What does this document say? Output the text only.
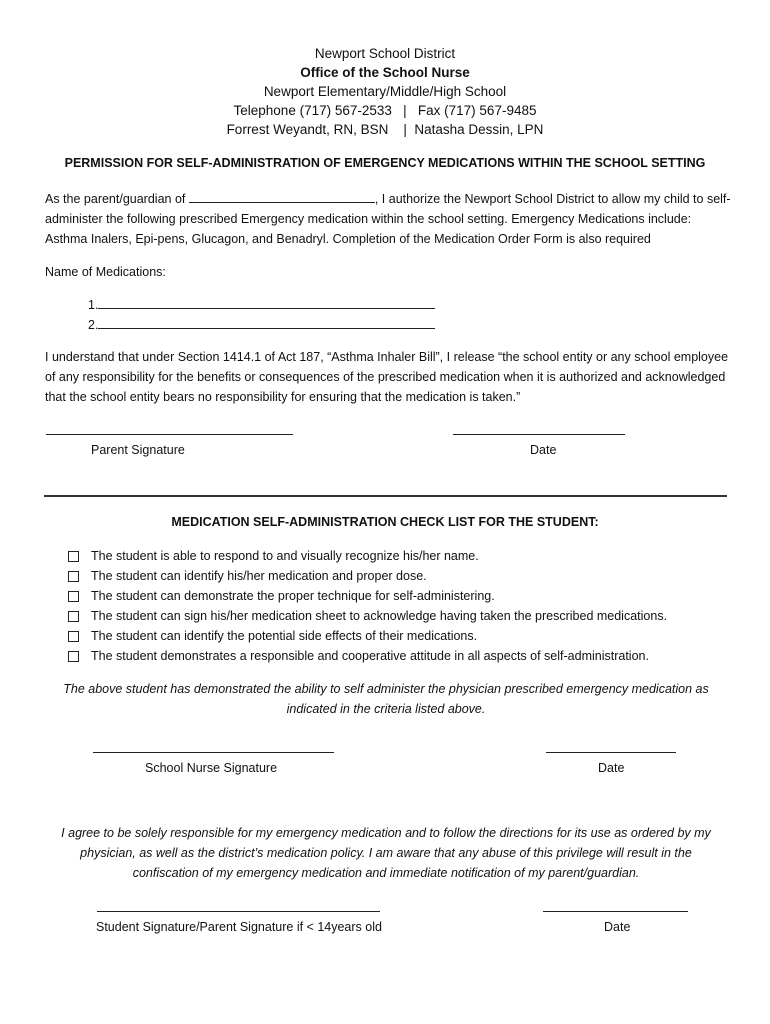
Newport School District
Office of the School Nurse
Newport Elementary/Middle/High School
Telephone (717) 567-2533   |   Fax (717) 567-9485
Forrest Weyandt, RN, BSN    |  Natasha Dessin, LPN
PERMISSION FOR SELF-ADMINISTRATION OF EMERGENCY MEDICATIONS WITHIN THE SCHOOL SETTING
As the parent/guardian of	, I authorize the Newport School District to allow my child to self-administer the following prescribed Emergency medication within the school setting. Emergency Medications include: Asthma Inalers, Epi-pens, Glucagon, and Benadryl. Completion of the Medication Order Form is also required
Name of Medications:
1.
2.
I understand that under Section 1414.1 of Act 187, “Asthma Inhaler Bill”, I release “the school entity or any school employee of any responsibility for the benefits or consequences of the prescribed medication when it is authorized and acknowledged that the school entity bears no responsibility for ensuring that the medication is taken.”
Parent Signature	Date
MEDICATION SELF-ADMINISTRATION CHECK LIST FOR THE STUDENT:
The student is able to respond to and visually recognize his/her name.
The student can identify his/her medication and proper dose.
The student can demonstrate the proper technique for self-administering.
The student can sign his/her medication sheet to acknowledge having taken the prescribed medications.
The student can identify the potential side effects of their medications.
The student demonstrates a responsible and cooperative attitude in all aspects of self-administration.
The above student has demonstrated the ability to self administer the physician prescribed emergency medication as indicated in the criteria listed above.
School Nurse Signature	Date
I agree to be solely responsible for my emergency medication and to follow the directions for its use as ordered by my physician, as well as the district’s medication policy. I am aware that any abuse of this privilege will result in the confiscation of my emergency medication and immediate notification of my parent/guardian.
Student Signature/Parent Signature if < 14years old	Date
